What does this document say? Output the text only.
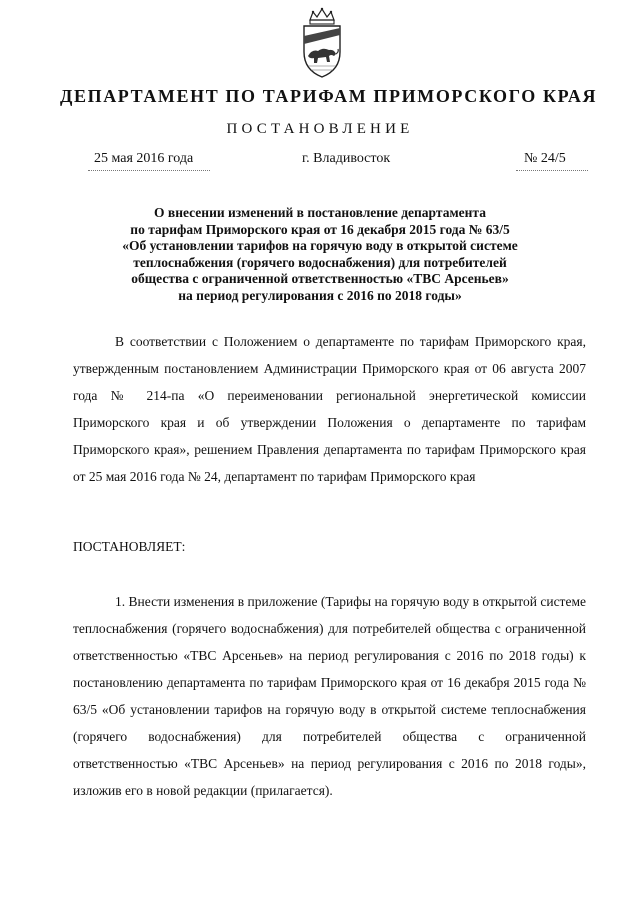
ДЕПАРТАМЕНТ ПО ТАРИФАМ ПРИМОРСКОГО КРАЯ
ПОСТАНОВЛЕНИЕ
25 мая 2016 года	г. Владивосток	№ 24/5
О внесении изменений в постановление департамента
по тарифам Приморского края от 16 декабря 2015 года № 63/5
«Об установлении тарифов на горячую воду в открытой системе
теплоснабжения (горячего водоснабжения) для потребителей
общества с ограниченной ответственностью «ТВС Арсеньев»
на период регулирования с 2016 по 2018 годы»
В соответствии с Положением о департаменте по тарифам Приморского края, утвержденным постановлением Администрации Приморского края от 06 августа 2007 года № 214-па «О переименовании региональной энергетической комиссии Приморского края и об утверждении Положения о департаменте по тарифам Приморского края», решением Правления департамента по тарифам Приморского края от 25 мая 2016 года № 24, департамент по тарифам Приморского края
ПОСТАНОВЛЯЕТ:
1. Внести изменения в приложение (Тарифы на горячую воду в открытой системе теплоснабжения (горячего водоснабжения) для потребителей общества с ограниченной ответственностью «ТВС Арсеньев» на период регулирования с 2016 по 2018 годы) к постановлению департамента по тарифам Приморского края от 16 декабря 2015 года № 63/5 «Об установлении тарифов на горячую воду в открытой системе теплоснабжения (горячего водоснабжения) для потребителей общества с ограниченной ответственностью «ТВС Арсеньев» на период регулирования с 2016 по 2018 годы», изложив его в новой редакции (прилагается).
